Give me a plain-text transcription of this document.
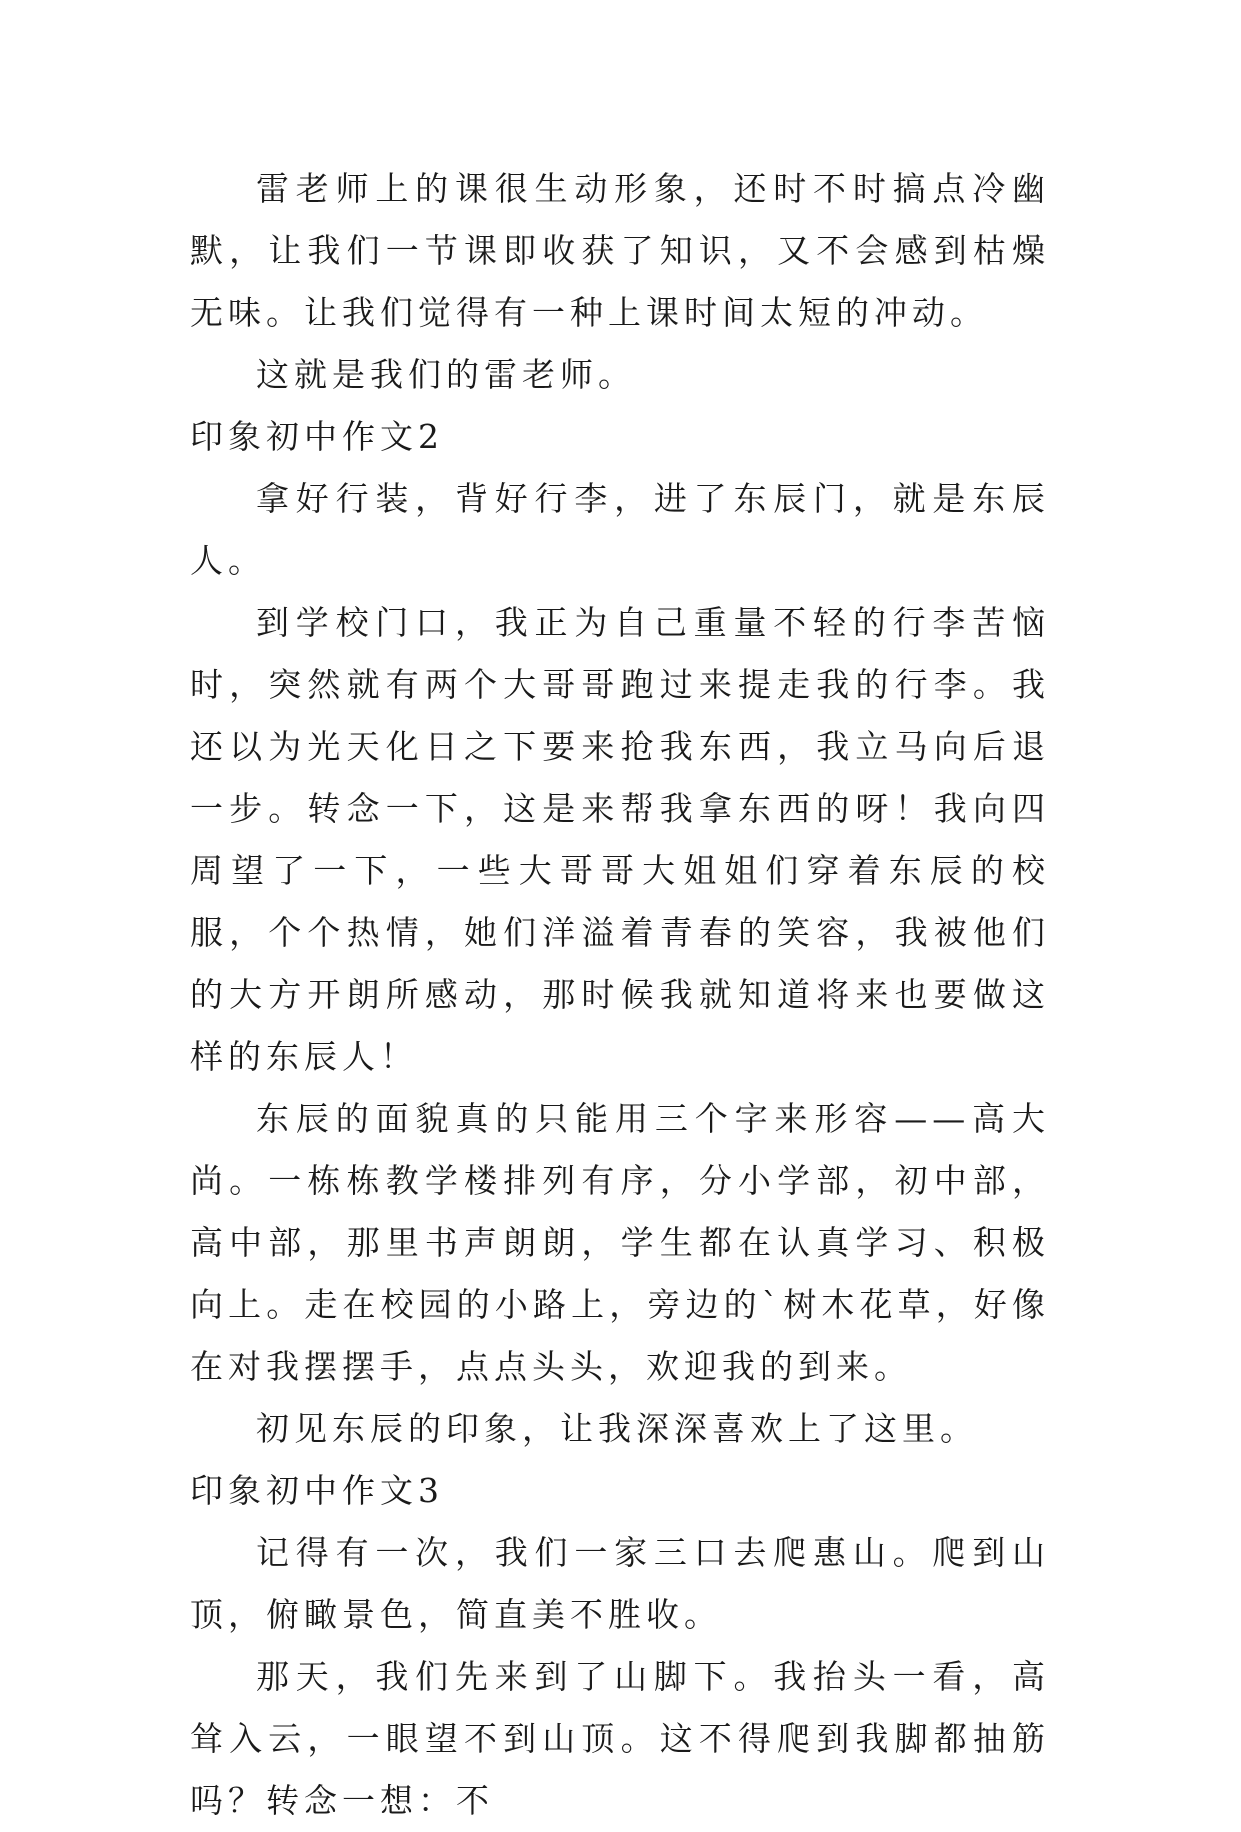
雷老师上的课很生动形象，还时不时搞点冷幽默，让我们一节课即收获了知识，又不会感到枯燥无味。让我们觉得有一种上课时间太短的冲动。

这就是我们的雷老师。

印象初中作文2

拿好行装，背好行李，进了东辰门，就是东辰人。

到学校门口，我正为自己重量不轻的行李苦恼时，突然就有两个大哥哥跑过来提走我的行李。我还以为光天化日之下要来抢我东西，我立马向后退一步。转念一下，这是来帮我拿东西的呀！我向四周望了一下，一些大哥哥大姐姐们穿着东辰的校服，个个热情，她们洋溢着青春的笑容，我被他们的大方开朗所感动，那时候我就知道将来也要做这样的东辰人！

东辰的面貌真的只能用三个字来形容——高大尚。一栋栋教学楼排列有序，分小学部，初中部，高中部，那里书声朗朗，学生都在认真学习、积极向上。走在校园的小路上，旁边的`树木花草，好像在对我摆摆手，点点头头，欢迎我的到来。

初见东辰的印象，让我深深喜欢上了这里。

印象初中作文3

记得有一次，我们一家三口去爬惠山。爬到山顶，俯瞰景色，简直美不胜收。

那天，我们先来到了山脚下。我抬头一看，高耸入云，一眼望不到山顶。这不得爬到我脚都抽筋吗？转念一想：不
